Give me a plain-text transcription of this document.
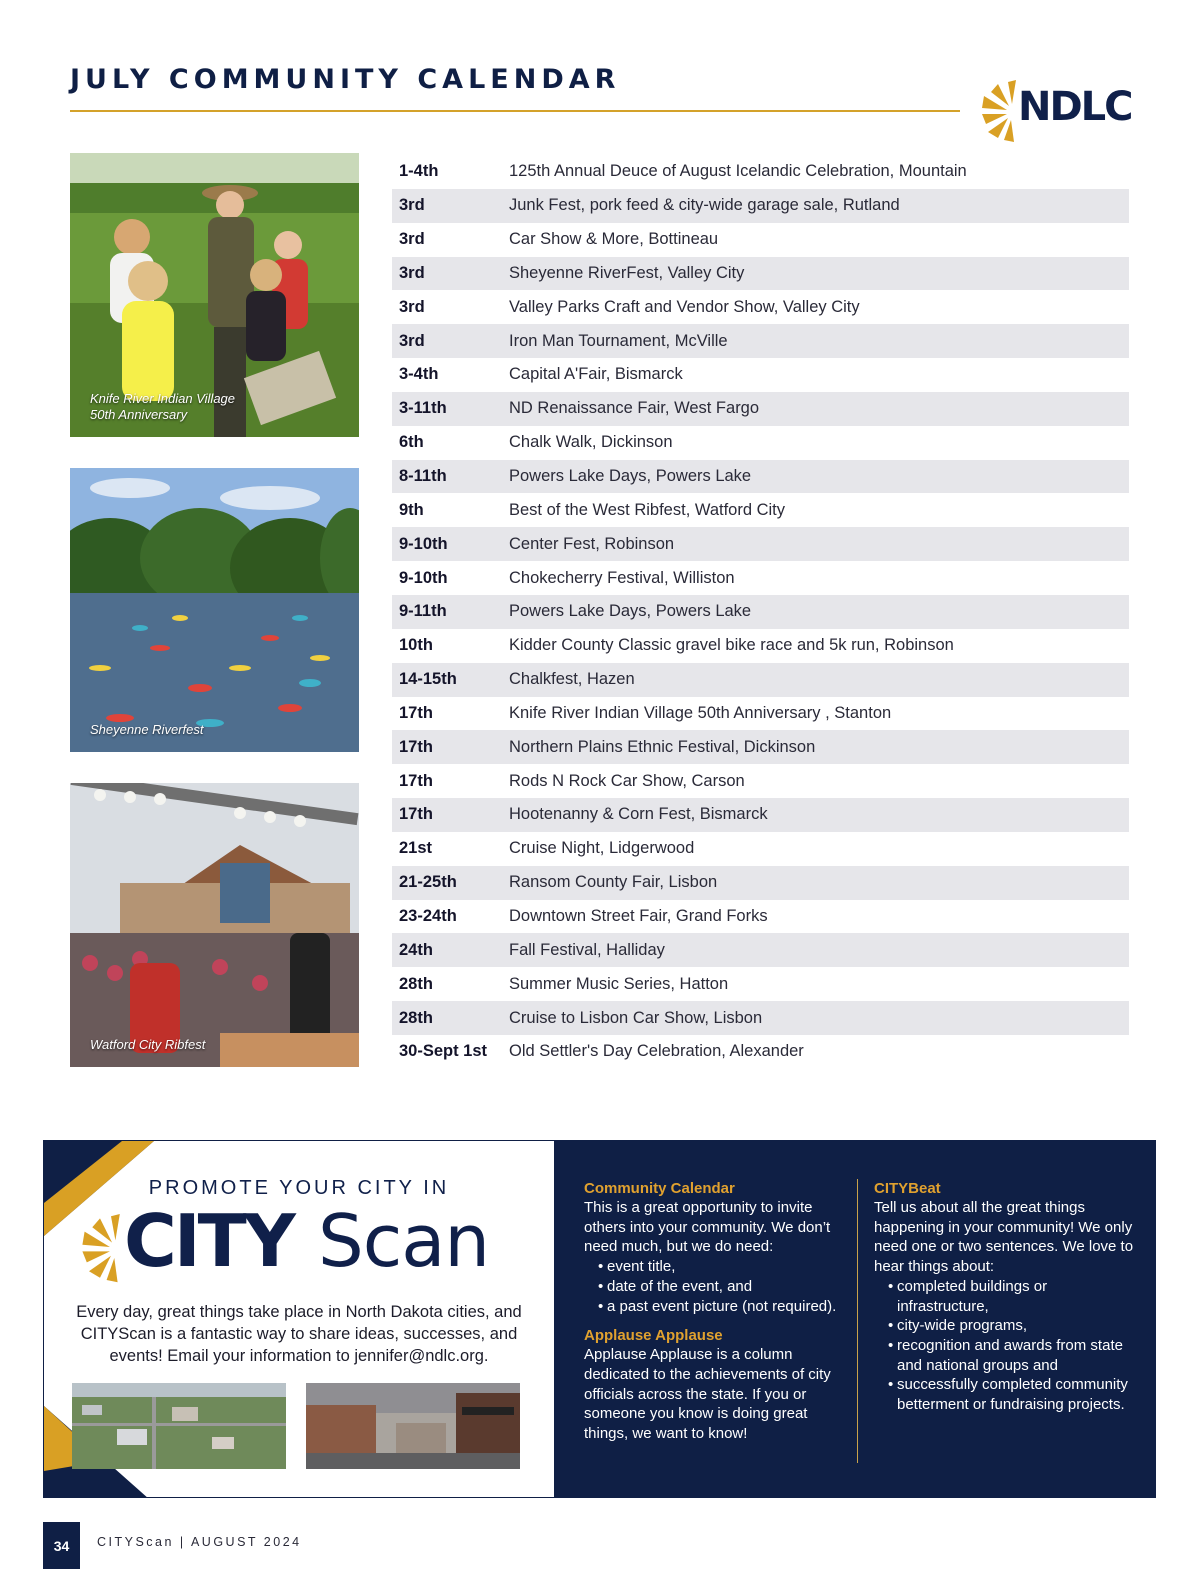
JULY COMMUNITY CALENDAR
NDLC
Knife River Indian Village
50th Anniversary
Sheyenne Riverfest
Watford City Ribfest
1-4th	125th Annual Deuce of August Icelandic Celebration, Mountain
3rd	Junk Fest, pork feed & city-wide garage sale, Rutland
3rd	Car Show & More, Bottineau
3rd	Sheyenne RiverFest, Valley City
3rd	Valley Parks Craft and Vendor Show, Valley City
3rd	Iron Man Tournament, McVille
3-4th	Capital A'Fair, Bismarck
3-11th	ND Renaissance Fair, West Fargo
6th	Chalk Walk, Dickinson
8-11th	Powers Lake Days, Powers Lake
9th	Best of the West Ribfest, Watford City
9-10th	Center Fest, Robinson
9-10th	Chokecherry Festival, Williston
9-11th	Powers Lake Days, Powers Lake
10th	Kidder County Classic gravel bike race and 5k run, Robinson
14-15th	Chalkfest, Hazen
17th	Knife River Indian Village 50th Anniversary , Stanton
17th	Northern Plains Ethnic Festival, Dickinson
17th	Rods N Rock Car Show, Carson
17th	Hootenanny & Corn Fest, Bismarck
21st	Cruise Night, Lidgerwood
21-25th	Ransom County Fair, Lisbon
23-24th	Downtown Street Fair, Grand Forks
24th	Fall Festival, Halliday
28th	Summer Music Series, Hatton
28th	Cruise to Lisbon Car Show, Lisbon
30-Sept 1st	Old Settler's Day Celebration, Alexander
PROMOTE YOUR CITY IN
CITY Scan

Every day, great things take place in North Dakota cities, and CITYScan is a fantastic way to share ideas, successes, and events! Email your information to jennifer@ndlc.org.

Community Calendar

This is a great opportunity to invite others into your community. We don’t need much, but we do need:

• event title,
• date of the event, and
• a past event picture (not required).
Applause Applause

Applause Applause is a column dedicated to the achievements of city officials across the state. If you or someone you know is doing great things, we want to know!

CITYBeat

Tell us about all the great things happening in your community! We only need one or two sentences. We love to hear things about:

• completed buildings or infrastructure,
• city-wide programs,
• recognition and awards from state and national groups and
• successfully completed community betterment or fundraising projects.
34	CITYScan | AUGUST 2024
